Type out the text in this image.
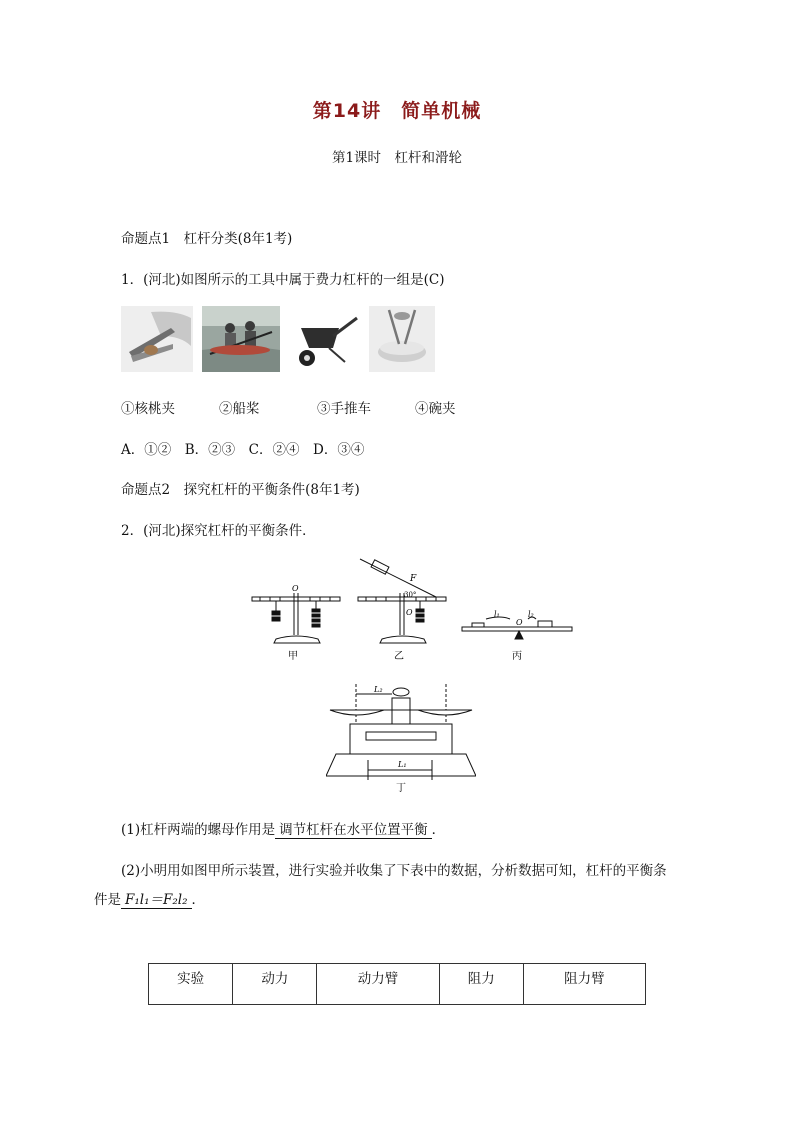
第14讲　简单机械
第1课时　杠杆和滑轮
命题点1　杠杆分类(8年1考)
1．(河北)如图所示的工具中属于费力杠杆的一组是(C)
①核桃夹	②船桨	③手推车	④碗夹
A．①②　B．②③　C．②④　D．③④
命题点2　探究杠杆的平衡条件(8年1考)
2．(河北)探究杠杆的平衡条件．
O
O
F
30°
O
l₁	l₂
甲	乙	丙
L₂
L₁
丁
(1)杠杆两端的螺母作用是 调节杠杆在水平位置平衡 ．
(2)小明用如图甲所示装置，进行实验并收集了下表中的数据，分析数据可知，杠杆的平衡条
件是 F₁l₁＝F₂l₂ ．
实验	动力	动力臂	阻力	阻力臂
